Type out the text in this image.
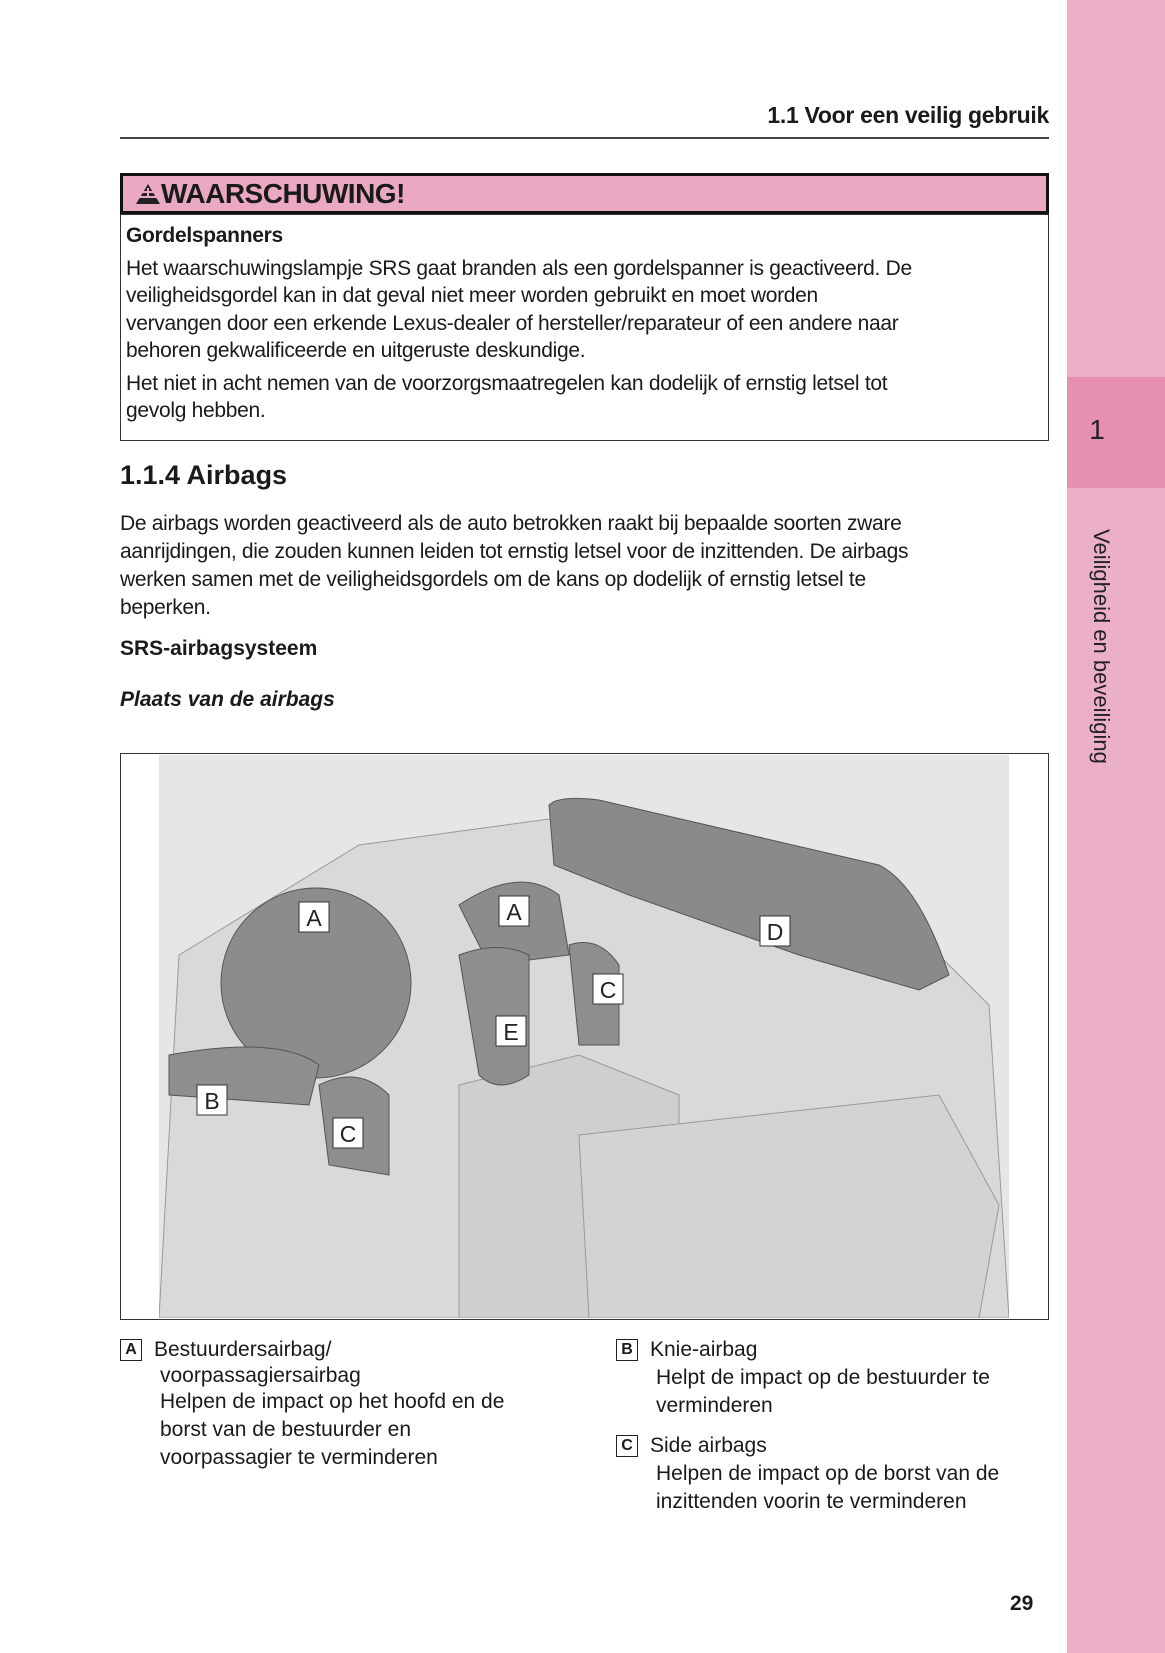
1
Veiligheid en beveiliging
1.1 Voor een veilig gebruik
WAARSCHUWING!
Gordelspanners
Het waarschuwingslampje SRS gaat branden als een gordelspanner is geactiveerd. De
veiligheidsgordel kan in dat geval niet meer worden gebruikt en moet worden
vervangen door een erkende Lexus-dealer of hersteller/reparateur of een andere naar
behoren gekwalificeerde en uitgeruste deskundige.
Het niet in acht nemen van de voorzorgsmaatregelen kan dodelijk of ernstig letsel tot
gevolg hebben.
1.1.4 Airbags
De airbags worden geactiveerd als de auto betrokken raakt bij bepaalde soorten zware
aanrijdingen, die zouden kunnen leiden tot ernstig letsel voor de inzittenden. De airbags
werken samen met de veiligheidsgordels om de kans op dodelijk of ernstig letsel te
beperken.
SRS-airbagsysteem
Plaats van de airbags
A	A
B
C
C
D
E
A Bestuurdersairbag/
voorpassagiersairbag
Helpen de impact op het hoofd en de
borst van de bestuurder en
voorpassagier te verminderen
B Knie-airbag
Helpt de impact op de bestuurder te
verminderen
C Side airbags
Helpen de impact op de borst van de
inzittenden voorin te verminderen
29
